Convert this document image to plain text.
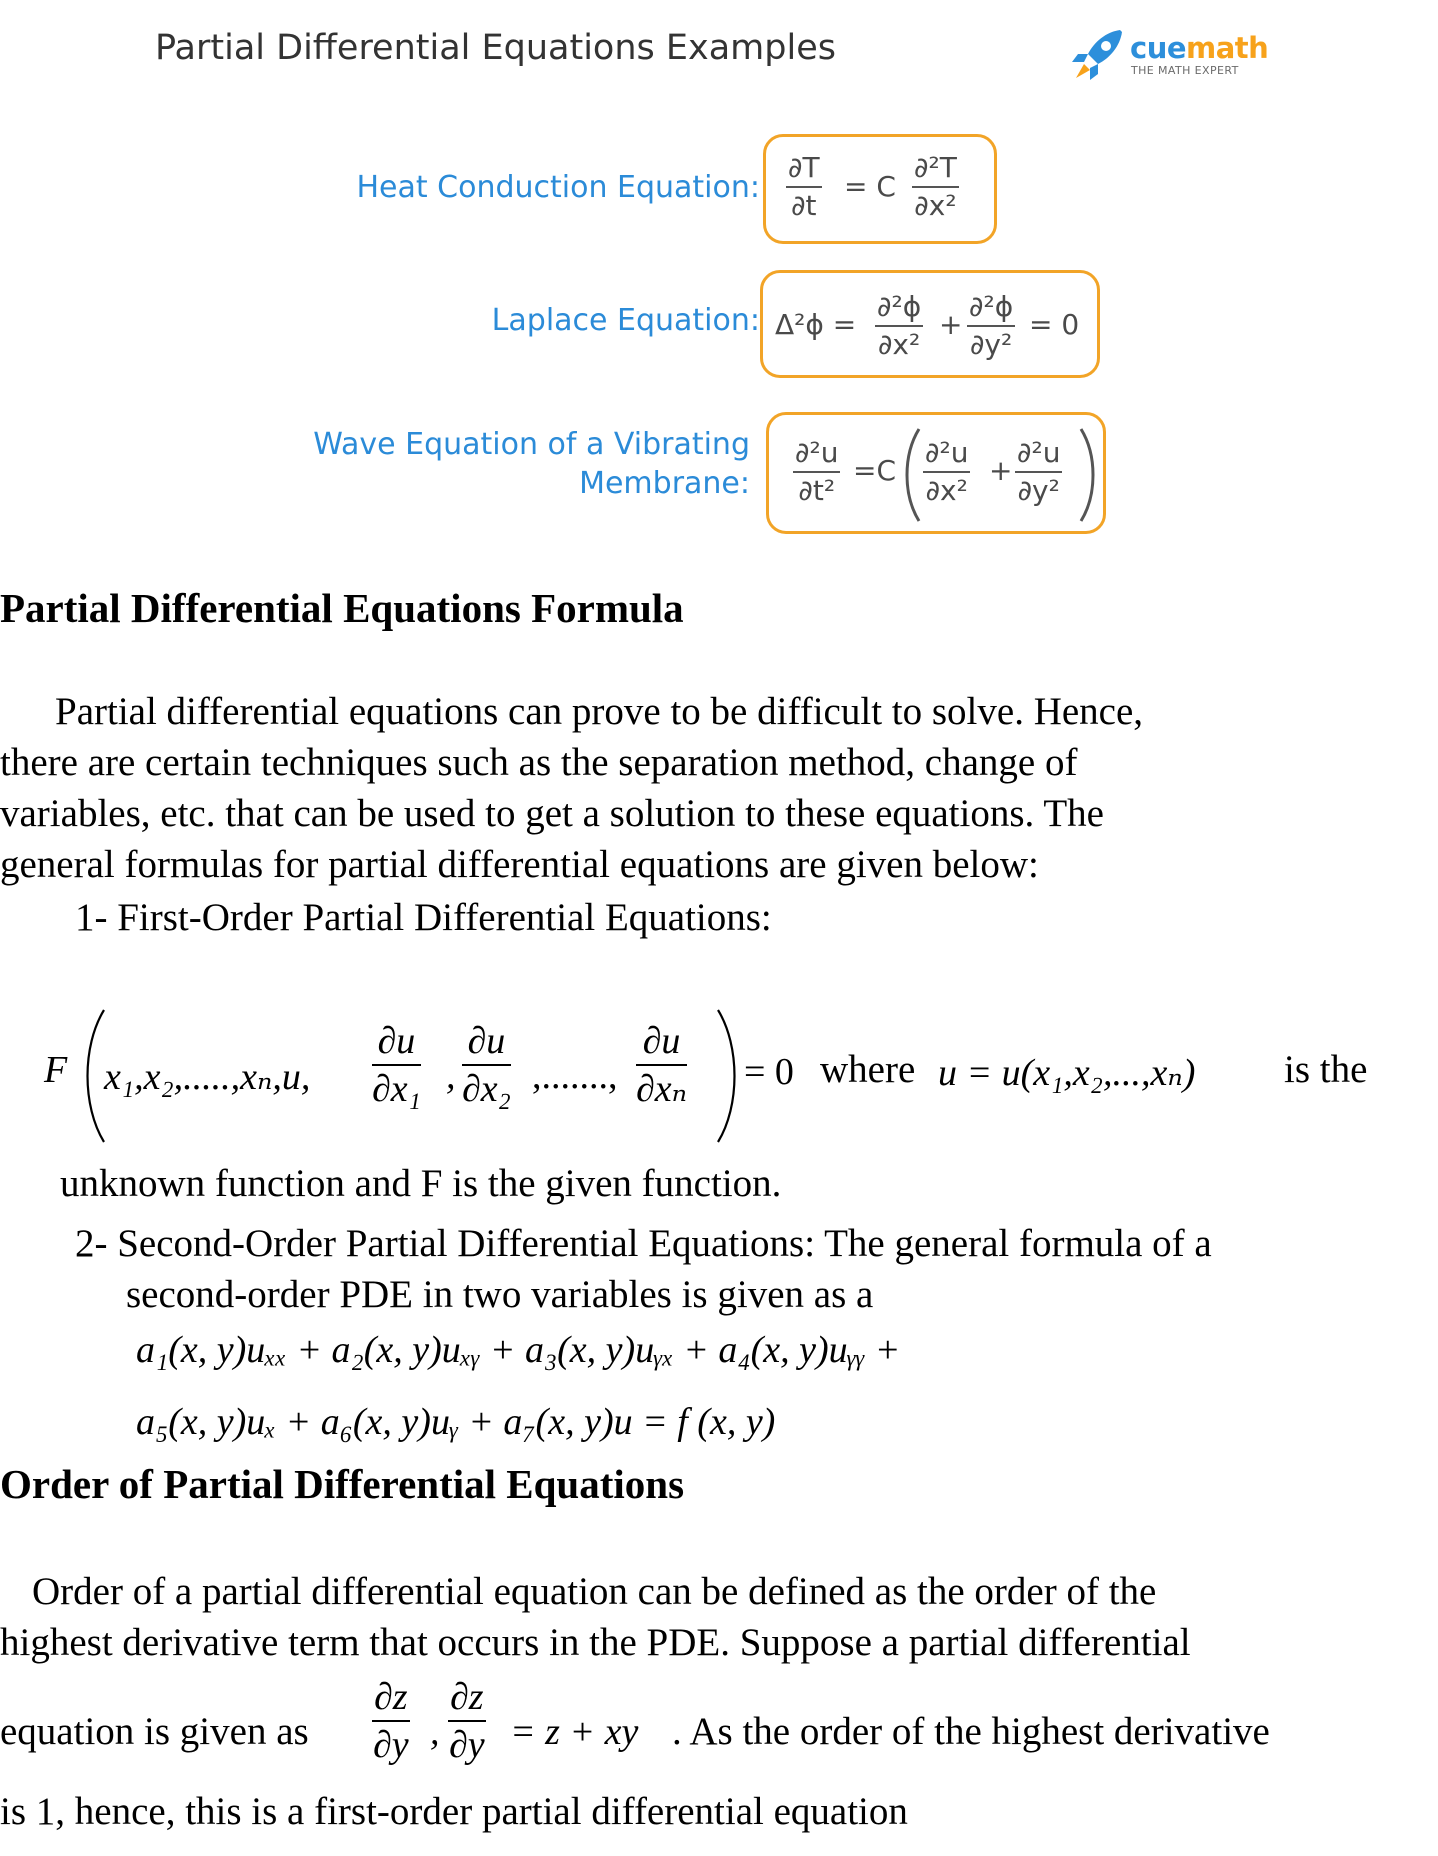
Partial Differential Equations Examples	cuemath
THE MATH EXPERT
Heat Conduction Equation: $\frac{\partial T}{\partial t} = C \frac{\text{∂²T}}{\text{∂x²}}$
Laplace Equation: $\Delta^2\phi = \frac{\text{∂²ϕ}}{\text{∂x²}} + \frac{\text{∂²ϕ}}{\text{∂y²}} = 0$
Wave Equation of a Vibrating
Membrane: $\frac{\text{∂²u}}{\text{∂t²}} =C \frac{\text{∂²u}}{\text{∂x²}} + \frac{\text{∂²u}}{\text{∂y²}}$
Partial Differential Equations Formula
Partial differential equations can prove to be difficult to solve. Hence,
there are certain techniques such as the separation method, change of
variables, etc. that can be used to get a solution to these equations. The
general formulas for partial differential equations are given below:
1- First-Order Partial Differential Equations:
F x₁,x₂,.....,xₙ,u, $\frac{\partial u}{\text{∂x₁}}$ , $\frac{\partial u}{\text{∂x₂}}$ ,......., $\frac{\partial u}{\text{∂xₙ}} = 0$ where u = u(x₁,x₂,...,xₙ) is the
unknown function and F is the given function.
2- Second-Order Partial Differential Equations: The general formula of a
second-order PDE in two variables is given as a
a₁(x, y)uₓₓ + a₂(x, y)uₓᵧ + a₃(x, y)uᵧₓ + a₄(x, y)uᵧᵧ +
a₅(x, y)uₓ + a₆(x, y)uᵧ + a₇(x, y)u = f (x, y)
Order of Partial Differential Equations
Order of a partial differential equation can be defined as the order of the
highest derivative term that occurs in the PDE. Suppose a partial differential
equation is given as $\frac{\partial z}{\partial y}$ , $\frac{\partial z}{\partial y} = z$ + xy . As the order of the highest derivative
is 1, hence, this is a first-order partial differential equation
